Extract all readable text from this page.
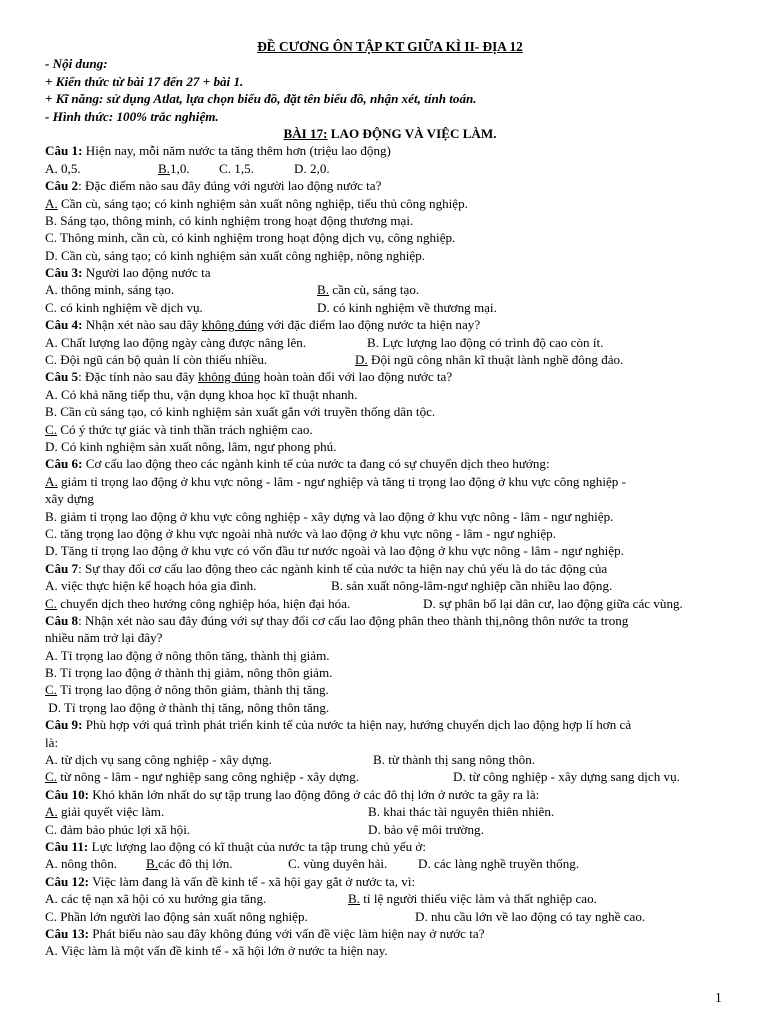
ĐỀ CƯƠNG ÔN TẬP KT GIỮA KÌ II- ĐỊA 12
- Nội dung:
+ Kiến thức từ bài 17 đến 27 + bài 1.
+ Kĩ năng: sử dụng Atlat, lựa chọn biểu đồ, đặt tên biểu đồ, nhận xét, tính toán.
- Hình thức: 100% trắc nghiệm.
BÀI 17: LAO ĐỘNG VÀ VIỆC LÀM.
Câu 1: Hiện nay, mỗi năm nước ta tăng thêm hơn (triệu lao động)
A. 0,5.	B.1,0. C. 1,5.	D. 2,0.
Câu 2: Đặc điểm nào sau đây đúng với người lao động nước ta?
A. Cần cù, sáng tạo; có kinh nghiệm sản xuất nông nghiệp, tiểu thủ công nghiệp.
B. Sáng tạo, thông minh, có kinh nghiệm trong hoạt động thương mại.
C. Thông minh, cần cù, có kinh nghiệm trong hoạt động dịch vụ, công nghiệp.
D. Cần cù, sáng tạo; có kinh nghiệm sản xuất công nghiệp, nông nghiệp.
Câu 3: Người lao động nước ta
A. thông minh, sáng tạo.	B. cần cù, sáng tạo.
C. có kinh nghiệm về dịch vụ.	D. có kinh nghiệm về thương mại.
Câu 4: Nhận xét nào sau đây không đúng với đặc điểm lao động nước ta hiện nay?
A. Chất lượng lao động ngày càng được nâng lên.	B. Lực lượng lao động có trình độ cao còn ít.
C. Đội ngũ cán bộ quản lí còn thiếu nhiều.	D. Đội ngũ công nhân kĩ thuật lành nghề đông đảo.
Câu 5: Đặc tính nào sau đây không đúng hoàn toàn đối với lao động nước ta?
A. Có khả năng tiếp thu, vận dụng khoa học kĩ thuật nhanh.
B. Cần cù sáng tạo, có kinh nghiệm sản xuất gắn với truyền thống dân tộc.
C. Có ý thức tự giác và tinh thần trách nghiệm cao.
D. Có kinh nghiệm sản xuất nông, lâm, ngư phong phú.
Câu 6: Cơ cấu lao động theo các ngành kinh tế của nước ta đang có sự chuyển dịch theo hướng:
A. giảm tỉ trọng lao động ở khu vực nông - lâm - ngư nghiệp và tăng tỉ trọng lao động ở khu vực công nghiệp -
xây dựng
B. giảm tỉ trọng lao động ở khu vực công nghiệp - xây dựng và lao động ở khu vực nông - lâm - ngư nghiệp.
C. tăng trọng lao động ở khu vực ngoài nhà nước và lao động ở khu vực nông - lâm - ngư nghiệp.
D. Tăng tỉ trọng lao động ở khu vực có vốn đầu tư nước ngoài và lao động ở khu vực nông - lâm - ngư nghiệp.
Câu 7: Sự thay đổi cơ cấu lao động theo các ngành kinh tế của nước ta hiện nay chủ yếu là do tác động của
A. việc thực hiện kế hoạch hóa gia đình.	B. sản xuất nông-lâm-ngư nghiệp cần nhiều lao động.
C. chuyển dịch theo hướng công nghiệp hóa, hiện đại hóa.	D. sự phân bố lại dân cư, lao động giữa các vùng.
Câu 8: Nhận xét nào sau đây đúng với sự thay đổi cơ cấu lao động phân theo thành thị,nông thôn nước ta trong
nhiều năm trở lại đây?
A. Tỉ trọng lao động ở nông thôn tăng, thành thị giảm.
B. Tỉ trọng lao động ở thành thị giảm, nông thôn giảm.
C. Tỉ trọng lao động ở nông thôn giảm, thành thị tăng.
D. Tỉ trọng lao động ở thành thị tăng, nông thôn tăng.
Câu 9: Phù hợp với quá trình phát triển kinh tế của nước ta hiện nay, hướng chuyển dịch lao động hợp lí hơn cả
là:
A. từ dịch vụ sang công nghiệp - xây dựng.	B. từ thành thị sang nông thôn.
C. từ nông - lâm - ngư nghiệp sang công nghiệp - xây dựng.	D. từ công nghiệp - xây dựng sang dịch vụ.
Câu 10: Khó khăn lớn nhất do sự tập trung lao động đông ở các đô thị lớn ở nước ta gây ra là:
A. giải quyết việc làm.	B. khai thác tài nguyên thiên nhiên.
C. đảm bảo phúc lợi xã hội.	D. bảo vệ môi trường.
Câu 11: Lực lượng lao động có kĩ thuật của nước ta tập trung chủ yếu ở:
A. nông thôn. B.các đô thị lớn.	C. vùng duyên hải. D. các làng nghề truyền thống.
Câu 12: Việc làm đang là vấn đề kinh tế - xã hội gay gắt ở nước ta, vì:
A. các tệ nạn xã hội có xu hướng gia tăng.	B. tỉ lệ người thiếu việc làm và thất nghiệp cao.
C. Phần lớn người lao động sản xuất nông nghiệp.	D. nhu cầu lớn về lao động có tay nghề cao.
Câu 13: Phát biểu nào sau đây không đúng với vấn đề việc làm hiện nay ở nước ta?
A. Việc làm là một vấn đề kinh tế - xã hội lớn ở nước ta hiện nay.
1
